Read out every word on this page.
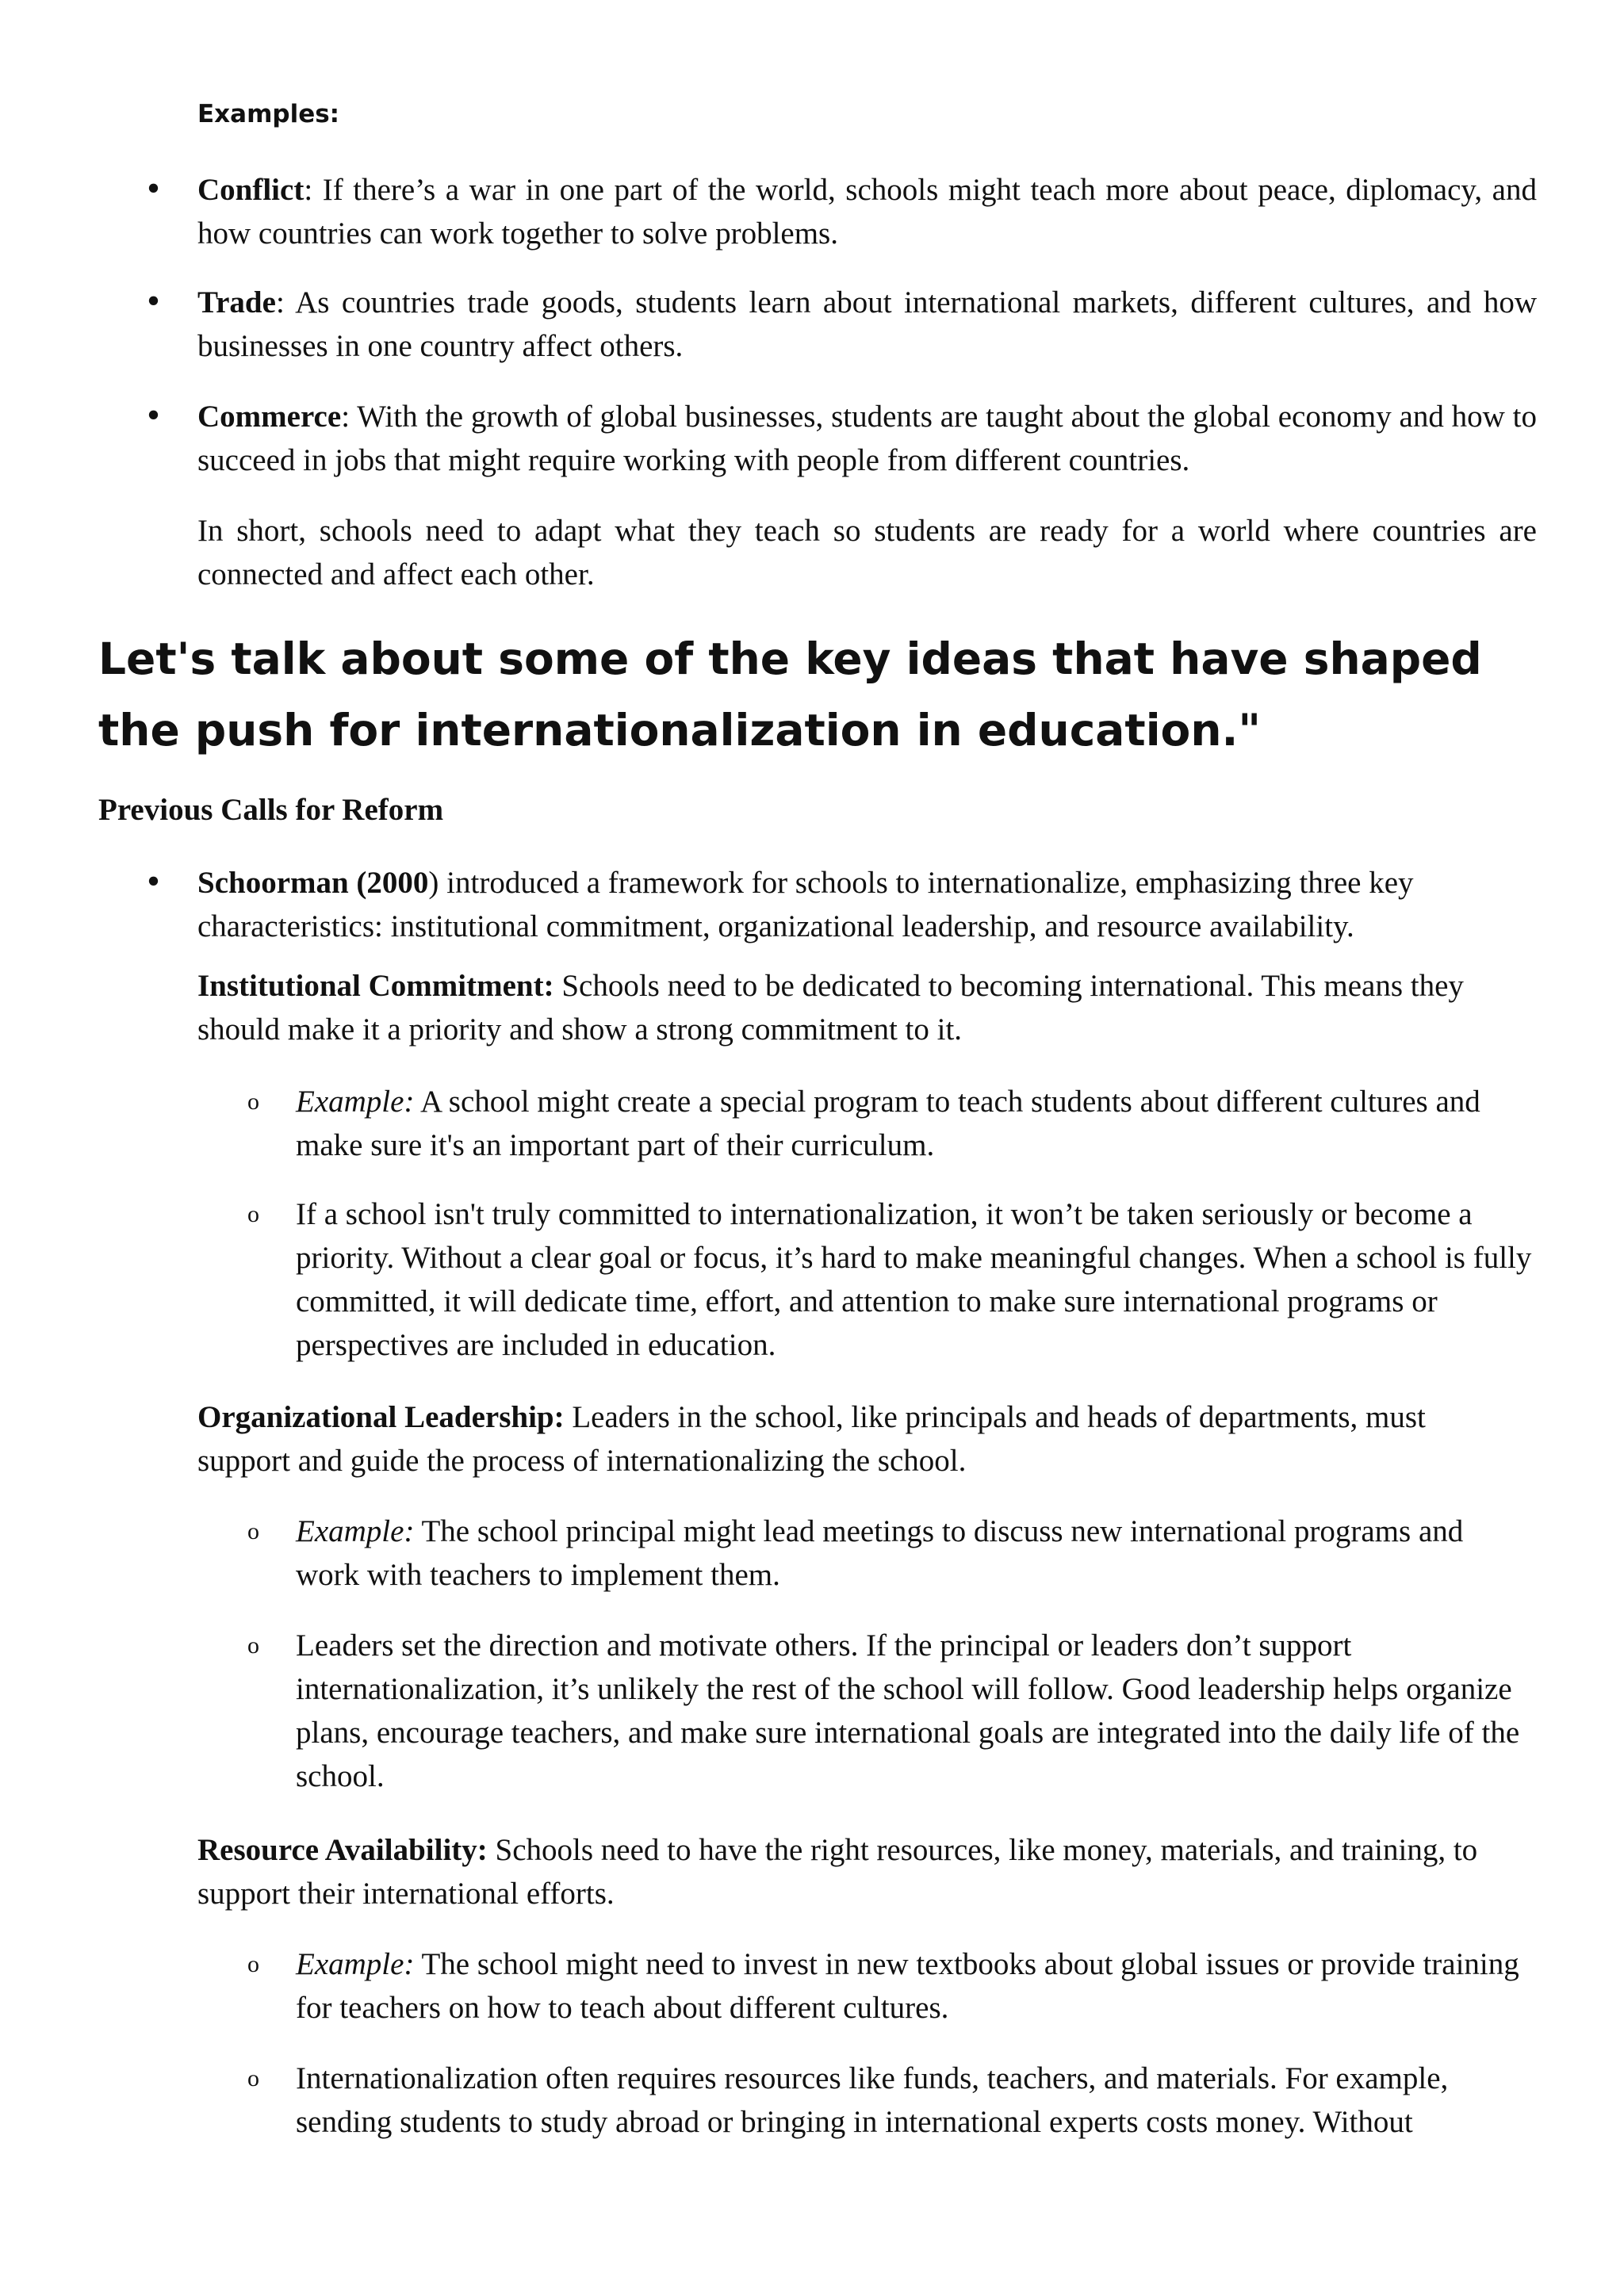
Examples:

• Conflict: If there’s a war in one part of the world, schools might teach more about peace, diplomacy, and how countries can work together to solve problems.

• Trade: As countries trade goods, students learn about international markets, different cultures, and how businesses in one country affect others.

• Commerce: With the growth of global businesses, students are taught about the global economy and how to succeed in jobs that might require working with people from different countries.

In short, schools need to adapt what they teach so students are ready for a world where countries are connected and affect each other.

Let's talk about some of the key ideas that have shaped the push for internationalization in education."
Previous Calls for Reform
• Schoorman (2000) introduced a framework for schools to internationalize, emphasizing three key characteristics: institutional commitment, organizational leadership, and resource availability.

Institutional Commitment: Schools need to be dedicated to becoming international. This means they should make it a priority and show a strong commitment to it.

o Example: A school might create a special program to teach students about different cultures and make sure it's an important part of their curriculum.

o If a school isn't truly committed to internationalization, it won’t be taken seriously or become a priority. Without a clear goal or focus, it’s hard to make meaningful changes. When a school is fully committed, it will dedicate time, effort, and attention to make sure international programs or perspectives are included in education.

Organizational Leadership: Leaders in the school, like principals and heads of departments, must support and guide the process of internationalizing the school.

o Example: The school principal might lead meetings to discuss new international programs and work with teachers to implement them.

o Leaders set the direction and motivate others. If the principal or leaders don’t support internationalization, it’s unlikely the rest of the school will follow. Good leadership helps organize plans, encourage teachers, and make sure international goals are integrated into the daily life of the school.

Resource Availability: Schools need to have the right resources, like money, materials, and training, to support their international efforts.

o Example: The school might need to invest in new textbooks about global issues or provide training for teachers on how to teach about different cultures.

o Internationalization often requires resources like funds, teachers, and materials. For example, sending students to study abroad or bringing in international experts costs money. Without
